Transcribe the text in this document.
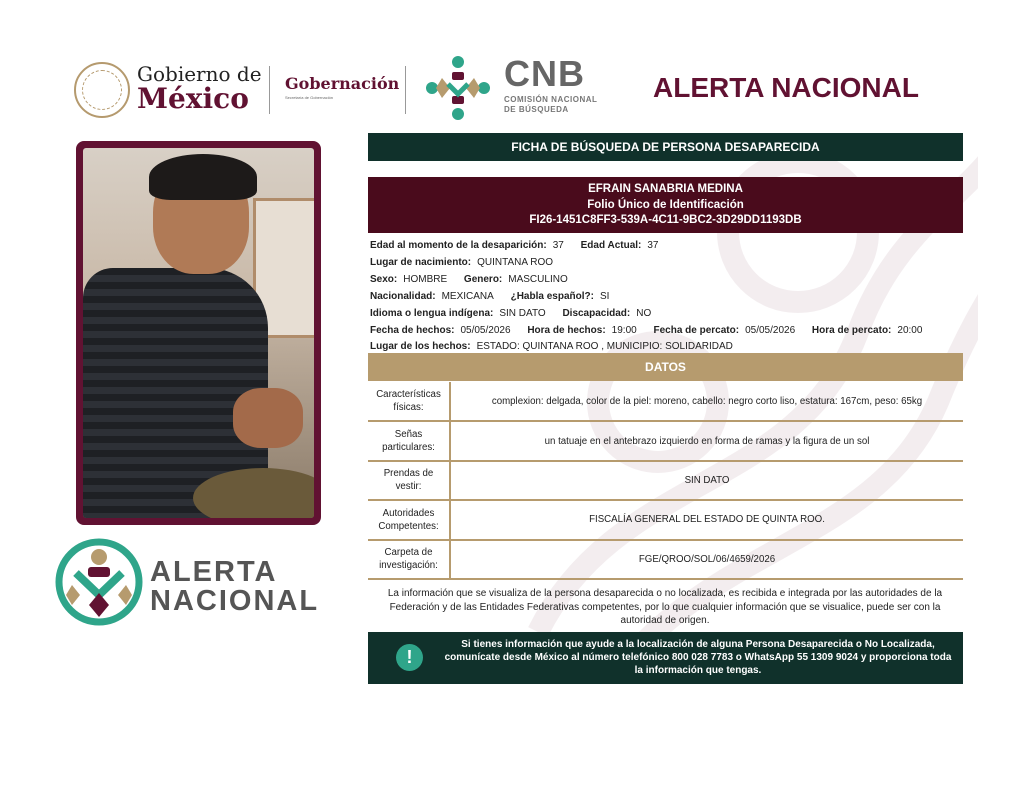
Gobierno de
México	Gobernación
Secretaría de Gobernación
CNB
COMISIÓN NACIONAL
DE BÚSQUEDA
ALERTA NACIONAL
ALERTA
NACIONAL
FICHA DE BÚSQUEDA DE PERSONA DESAPARECIDA
EFRAIN SANABRIA MEDINA
Folio Único de Identificación
FI26-1451C8FF3-539A-4C11-9BC2-3D29DD1193DB
Edad al momento de la desaparición: 37 Edad Actual: 37
Lugar de nacimiento: QUINTANA ROO
Sexo: HOMBRE Genero: MASCULINO
Nacionalidad: MEXICANA ¿Habla español?: SI
Idioma o lengua indígena: SIN DATO Discapacidad: NO
Fecha de hechos: 05/05/2026 Hora de hechos: 19:00 Fecha de percato: 05/05/2026 Hora de percato: 20:00
Lugar de los hechos: ESTADO: QUINTANA ROO , MUNICIPIO: SOLIDARIDAD
DATOS
Características
físicas:	complexion: delgada, color de la piel: moreno, cabello: negro corto liso, estatura: 167cm, peso: 65kg

Señas
particulares:	un tatuaje en el antebrazo izquierdo en forma de ramas y la figura de un sol

Prendas de
vestir:	SIN DATO

Autoridades
Competentes:	FISCALÍA GENERAL DEL ESTADO DE QUINTA ROO.

Carpeta de
investigación:	FGE/QROO/SOL/06/4659/2026
La información que se visualiza de la persona desaparecida o no localizada, es recibida e integrada por las autoridades de la Federación y de las Entidades Federativas competentes, por lo que cualquier información que se visualice, puede ser con la autoridad de origen.
!
Si tienes información que ayude a la localización de alguna Persona Desaparecida o No Localizada, comunícate desde México al número telefónico 800 028 7783 o WhatsApp 55 1309 9024 y proporciona toda la información que tengas.
